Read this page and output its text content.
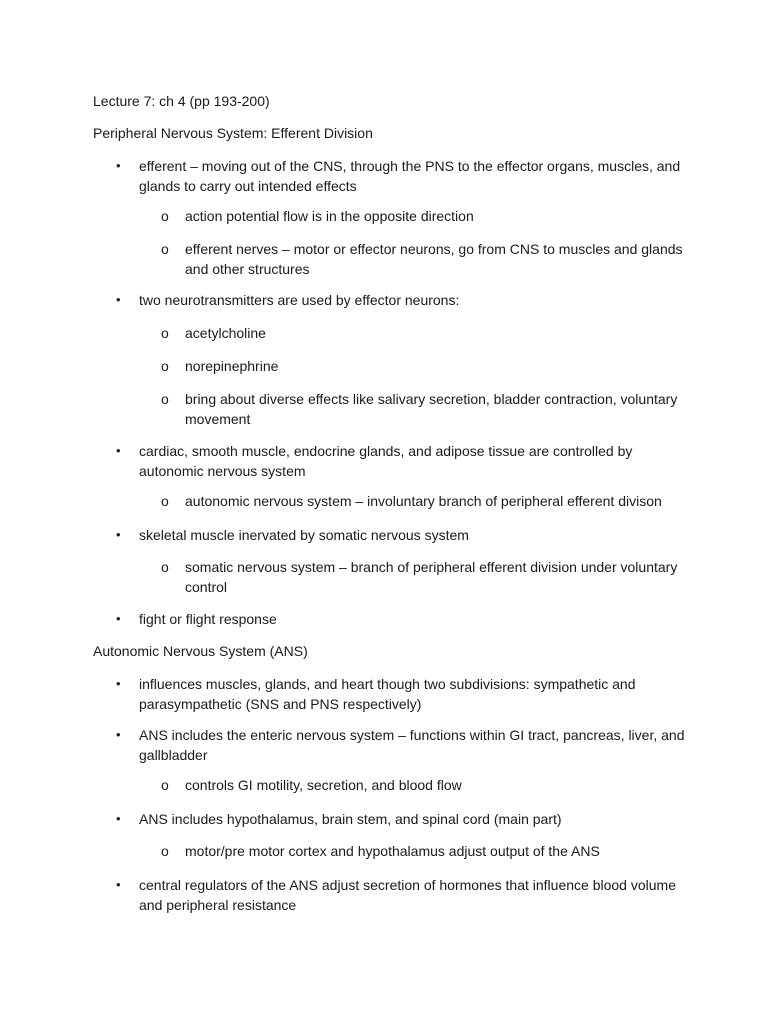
Lecture 7: ch 4 (pp 193-200)
Peripheral Nervous System: Efferent Division
• efferent – moving out of the CNS, through the PNS to the effector organs, muscles, and
glands to carry out intended effects
o action potential flow is in the opposite direction
o efferent nerves – motor or effector neurons, go from CNS to muscles and glands
and other structures
• two neurotransmitters are used by effector neurons:
o acetylcholine
o norepinephrine
o bring about diverse effects like salivary secretion, bladder contraction, voluntary
movement
• cardiac, smooth muscle, endocrine glands, and adipose tissue are controlled by
autonomic nervous system
o autonomic nervous system – involuntary branch of peripheral efferent divison
• skeletal muscle inervated by somatic nervous system
o somatic nervous system – branch of peripheral efferent division under voluntary
control
• fight or flight response
Autonomic Nervous System (ANS)
• influences muscles, glands, and heart though two subdivisions: sympathetic and
parasympathetic (SNS and PNS respectively)
• ANS includes the enteric nervous system – functions within GI tract, pancreas, liver, and
gallbladder
o controls GI motility, secretion, and blood flow
• ANS includes hypothalamus, brain stem, and spinal cord (main part)
o motor/pre motor cortex and hypothalamus adjust output of the ANS
• central regulators of the ANS adjust secretion of hormones that influence blood volume
and peripheral resistance
